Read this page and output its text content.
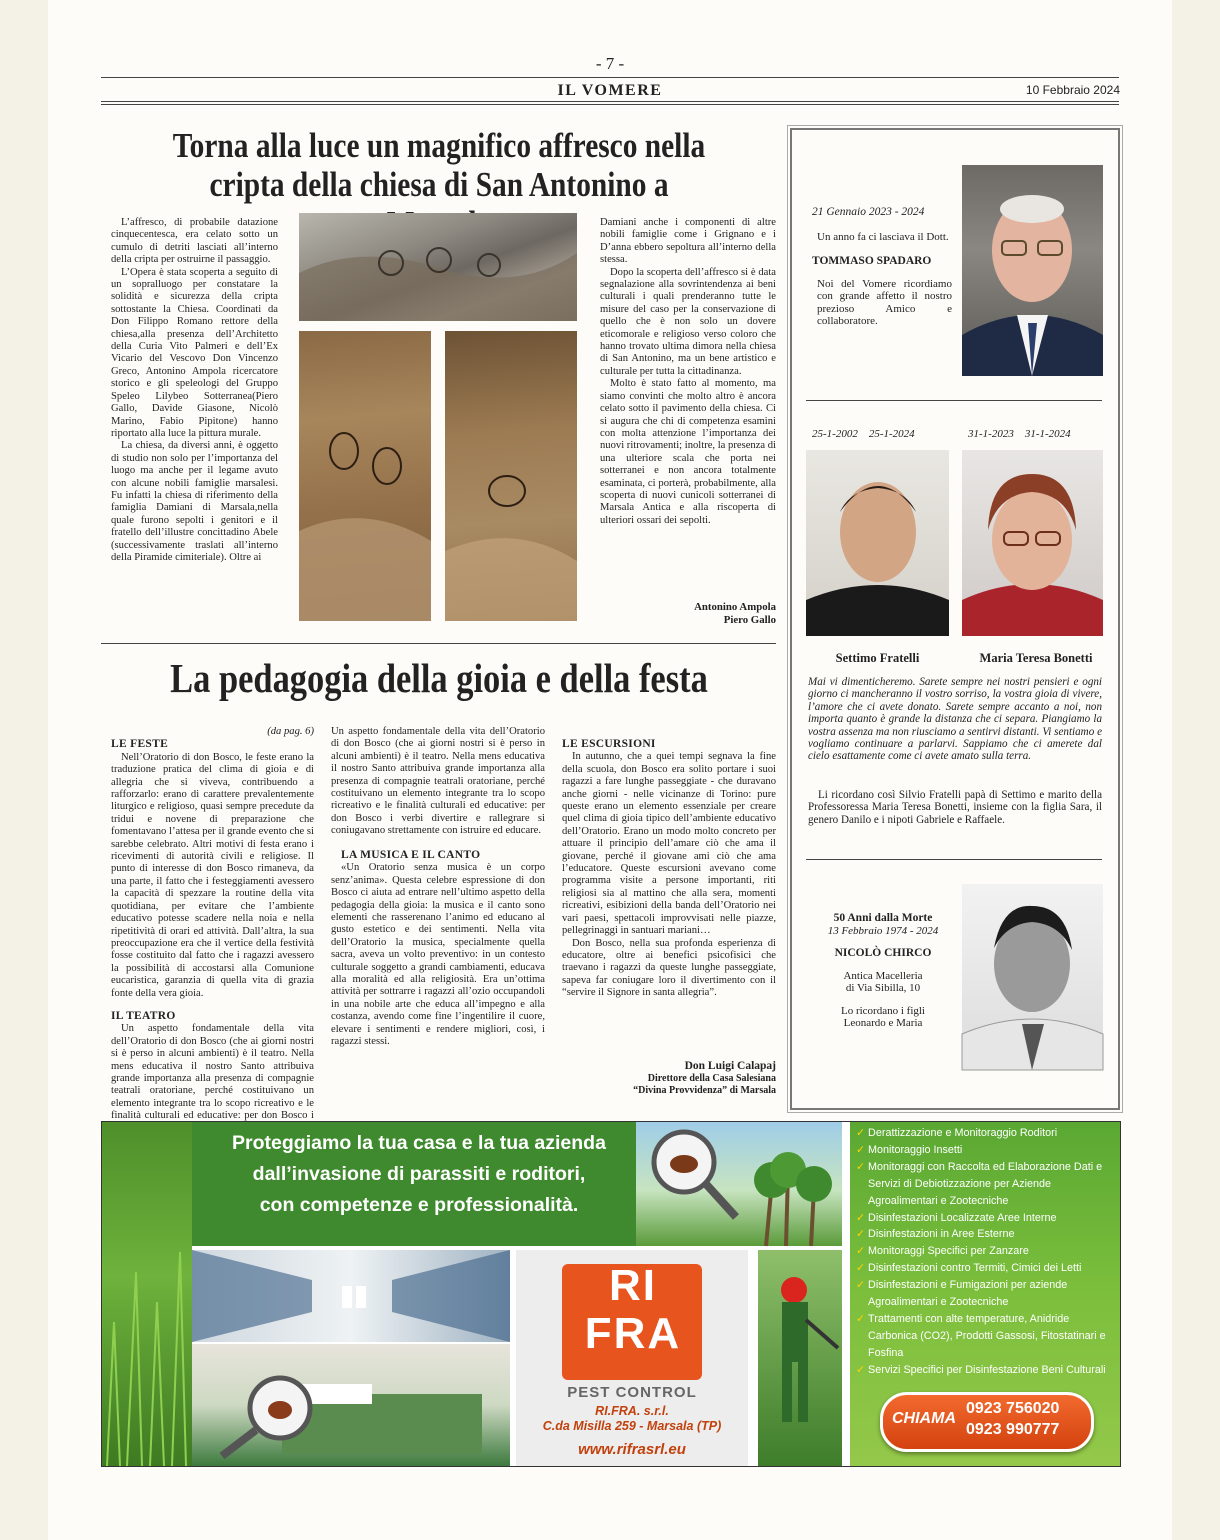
- 7 -
IL VOMERE	10 Febbraio 2024
Torna alla luce un magnifico affresco nella
cripta della chiesa di San Antonino a

L’affresco, di probabile datazione cinquecentesca, era celato sotto un cumulo di detriti lasciati all’interno della cripta per ostruirne il passaggio.

L’Opera è stata scoperta a seguito di un sopralluogo per constatare la solidità e sicurezza della cripta sottostante la Chiesa. Coordinati da Don Filippo Romano rettore della chiesa,alla presenza dell’Architetto della Curia Vito Palmeri e dell’Ex Vicario del Vescovo Don Vincenzo Greco, Antonino Ampola ricercatore storico e gli speleologi del Gruppo Speleo Lilybeo Sotterranea(Piero Gallo, Davide Giasone, Nicolò Marino, Fabio Pipitone) hanno riportato alla luce la pittura murale.

La chiesa, da diversi anni, è oggetto di studio non solo per l’importanza del luogo ma anche per il legame avuto con alcune nobili famiglie marsalesi. Fu infatti la chiesa di riferimento della famiglia Damiani di Marsala,nella quale furono sepolti i genitori e il fratello dell’illustre concittadino Abele (successivamente traslati all’interno della Piramide cimiteriale). Oltre ai

Damiani anche i componenti di altre nobili famiglie come i Grignano e i D’anna ebbero sepoltura all’interno della stessa.

Dopo la scoperta dell’affresco si è data segnalazione alla sovrintendenza ai beni culturali i quali prenderanno tutte le misure del caso per la conservazione di quello che è non solo un dovere eticomorale e religioso verso coloro che hanno trovato ultima dimora nella chiesa di San Antonino, ma un bene artistico e culturale per tutta la cittadinanza.

Molto è stato fatto al momento, ma siamo convinti che molto altro è ancora celato sotto il pavimento della chiesa. Ci si augura che chi di competenza esamini con molta attenzione l’importanza dei nuovi ritrovamenti; inoltre, la presenza di una ulteriore scala che porta nei sotterranei e non ancora totalmente esaminata, ci porterà, probabilmente, alla scoperta di nuovi cunicoli sotterranei di Marsala Antica e alla riscoperta di ulteriori ossari dei sepolti.

Antonino Ampola
Piero Gallo
La pedagogia della gioia e della festa

(da pag. 6)

LE FESTE

Nell’Oratorio di don Bosco, le feste erano la traduzione pratica del clima di gioia e di allegria che si viveva, contribuendo a rafforzarlo: erano di carattere prevalentemente liturgico e religioso, quasi sempre precedute da tridui e novene di preparazione che fomentavano l’attesa per il grande evento che si sarebbe celebrato. Altri motivi di festa erano i ricevimenti di autorità civili e religiose. Il punto di interesse di don Bosco rimaneva, da una parte, il fatto che i festeggiamenti avessero la capacità di spezzare la routine della vita quotidiana, per evitare che l’ambiente educativo potesse scadere nella noia e nella ripetitività di orari ed attività. Dall’altra, la sua preoccupazione era che il vertice della festività fosse costituito dal fatto che i ragazzi avessero la possibilità di accostarsi alla Comunione eucaristica, garanzia di quella vita di grazia fonte della vera gioia.

IL TEATRO

Un aspetto fondamentale della vita dell’Oratorio di don Bosco (che ai giorni nostri si è perso in alcuni ambienti) è il teatro. Nella mens educativa il nostro Santo attribuiva grande importanza alla presenza di compagnie teatrali oratoriane, perché costituivano un elemento integrante tra lo scopo ricreativo e le finalità culturali ed educative: per don Bosco i

Un aspetto fondamentale della vita dell’Oratorio di don Bosco (che ai giorni nostri si è perso in alcuni ambienti) è il teatro. Nella mens educativa il nostro Santo attribuiva grande importanza alla presenza di compagnie teatrali oratoriane, perché costituivano un elemento integrante tra lo scopo ricreativo e le finalità culturali ed educative: per don Bosco i verbi divertire e rallegrare si coniugavano strettamente con istruire ed educare.

LA MUSICA E IL CANTO

«Un Oratorio senza musica è un corpo senz’anima». Questa celebre espressione di don Bosco ci aiuta ad entrare nell’ultimo aspetto della pedagogia della gioia: la musica e il canto sono elementi che rasserenano l’animo ed educano al gusto estetico e dei sentimenti. Nella vita dell’Oratorio la musica, specialmente quella sacra, aveva un volto preventivo: in un contesto culturale soggetto a grandi cambiamenti, educava alla moralità ed alla religiosità. Era un’ottima attività per sottrarre i ragazzi all’ozio occupandoli in una nobile arte che educa all’impegno e alla costanza, avendo come fine l’ingentilire il cuore, elevare i sentimenti e rendere migliori, così, i ragazzi stessi.

LE ESCURSIONI

In autunno, che a quei tempi segnava la fine della scuola, don Bosco era solito portare i suoi ragazzi a fare lunghe passeggiate - che duravano anche giorni - nelle vicinanze di Torino: pure queste erano un elemento essenziale per creare quel clima di gioia tipico dell’ambiente educativo dell’Oratorio. Erano un modo molto concreto per attuare il principio dell’amare ciò che ama il giovane, perché il giovane ami ciò che ama l’educatore. Queste escursioni avevano come programma visite a persone importanti, riti religiosi sia al mattino che alla sera, momenti ricreativi, esibizioni della banda dell’Oratorio nei vari paesi, spettacoli improvvisati nelle piazze, pellegrinaggi in santuari mariani…

Don Bosco, nella sua profonda esperienza di educatore, oltre ai benefici psicofisici che traevano i ragazzi da queste lunghe passeggiate, sapeva far coniugare loro il divertimento con il “servire il Signore in santa allegria”.

Don Luigi Calapaj
Direttore della Casa Salesiana
“Divina Provvidenza” di Marsala
21 Gennaio 2023 - 2024
Un anno fa ci lasciava il Dott.
TOMMASO SPADARO
Noi del Vomere ricordiamo con grande affetto il nostro prezioso Amico e collaboratore.
25-1-2002 25-1-2024	31-1-2023 31-1-2024
Settimo Fratelli	Maria Teresa Bonetti
Mai vi dimenticheremo. Sarete sempre nei nostri pensieri e ogni giorno ci mancheranno il vostro sorriso, la vostra gioia di vivere, l’amore che ci avete donato. Sarete sempre accanto a noi, non importa quanto è grande la distanza che ci separa. Piangiamo la vostra assenza ma non riusciamo a sentirvi distanti. Vi sentiamo e vogliamo continuare a parlarvi. Sappiamo che ci amerete dal cielo esattamente come ci avete amato sulla terra.
Li ricordano così Silvio Fratelli papà di Settimo e marito della Professoressa Maria Teresa Bonetti, insieme con la figlia Sara, il genero Danilo e i nipoti Gabriele e Raffaele.
50 Anni dalla Morte
13 Febbraio 1974 - 2024
NICOLÒ CHIRCO
Antica Macelleria
di Via Sibilla, 10
Lo ricordano i figli
Leonardo e Maria
Proteggiamo la tua casa e la tua azienda
dall’invasione di parassiti e roditori,
con competenze e professionalità.
RI
FRA
PEST CONTROL
RI.FRA. s.r.l.
C.da Misilla 259 - Marsala (TP)
www.rifrasrl.eu
✓ Derattizzazione e Monitoraggio Roditori
✓ Monitoraggio Insetti
✓ Monitoraggi con Raccolta ed Elaborazione Dati e Servizi di Debiotizzazione per Aziende Agroalimentari e Zootecniche
✓ Disinfestazioni Localizzate Aree Interne
✓ Disinfestazioni in Aree Esterne
✓ Monitoraggi Specifici per Zanzare
✓ Disinfestazioni contro Termiti, Cimici dei Letti
✓ Disinfestazioni e Fumigazioni per aziende Agroalimentari e Zootecniche
✓ Trattamenti con alte temperature, Anidride Carbonica (CO2), Prodotti Gassosi, Fitostatinari e Fosfina
✓ Servizi Specifici per Disinfestazione Beni Culturali
CHIAMA
0923 756020
0923 990777
